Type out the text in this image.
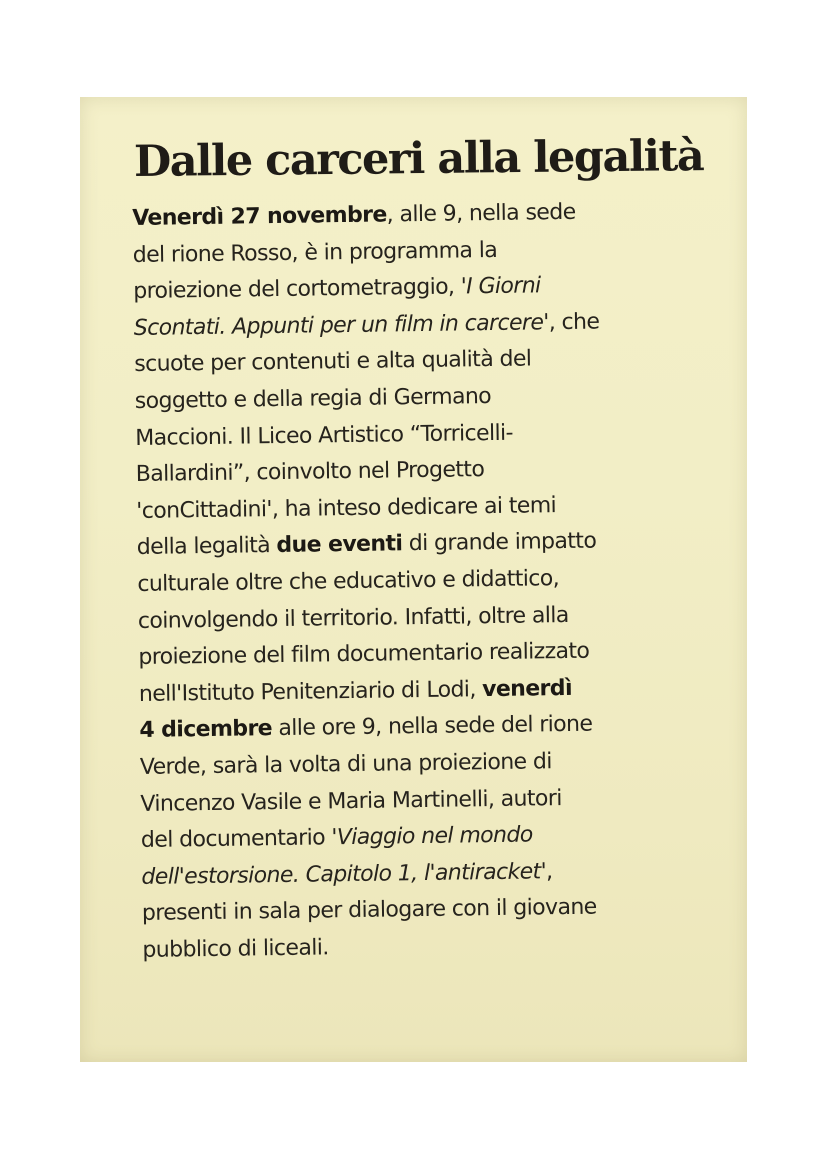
Dalle carceri alla legalità
Venerdì 27 novembre, alle 9, nella sede
del rione Rosso, è in programma la
proiezione del cortometraggio, 'I Giorni
Scontati. Appunti per un film in carcere', che
scuote per contenuti e alta qualità del
soggetto e della regia di Germano
Maccioni. Il Liceo Artistico “Torricelli-
Ballardini”, coinvolto nel Progetto
'conCittadini', ha inteso dedicare ai temi
della legalità due eventi di grande impatto
culturale oltre che educativo e didattico,
coinvolgendo il territorio. Infatti, oltre alla
proiezione del film documentario realizzato
nell'Istituto Penitenziario di Lodi, venerdì
4 dicembre alle ore 9, nella sede del rione
Verde, sarà la volta di una proiezione di
Vincenzo Vasile e Maria Martinelli, autori
del documentario 'Viaggio nel mondo
dell'estorsione. Capitolo 1, l'antiracket',
presenti in sala per dialogare con il giovane
pubblico di liceali.
